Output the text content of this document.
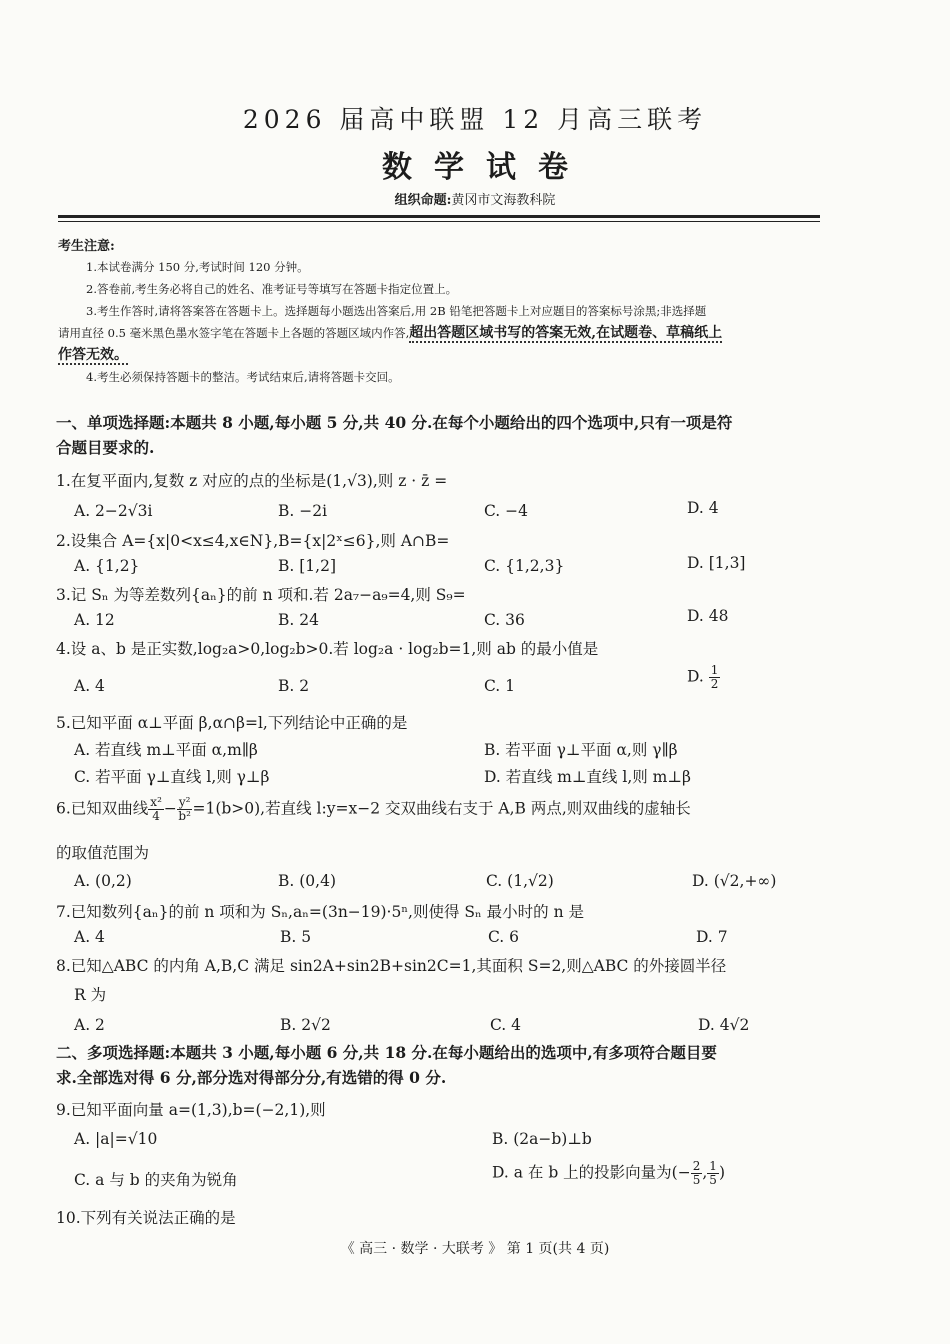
2026 届高中联盟 12 月高三联考
数学试卷
组织命题:黄冈市文海教科院
考生注意:
1.本试卷满分 150 分,考试时间 120 分钟。
2.答卷前,考生务必将自己的姓名、准考证号等填写在答题卡指定位置上。
3.考生作答时,请将答案答在答题卡上。选择题每小题选出答案后,用 2B 铅笔把答题卡上对应题目的答案标号涂黑;非选择题
请用直径 0.5 毫米黑色墨水签字笔在答题卡上各题的答题区域内作答,超出答题区域书写的答案无效,在试题卷、草稿纸上
作答无效。
4.考生必须保持答题卡的整洁。考试结束后,请将答题卡交回。
一、单项选择题:本题共 8 小题,每小题 5 分,共 40 分.在每个小题给出的四个选项中,只有一项是符
合题目要求的.
1.在复平面内,复数 z 对应的点的坐标是(1,√3),则 z · z̄ =
A. 2−2√3i	B. −2i	C. −4	D. 4
2.设集合 A={x|0<x≤4,x∈N},B={x|2ˣ≤6},则 A∩B=
A. {1,2}	B. [1,2]	C. {1,2,3}	D. [1,3]
3.记 Sₙ 为等差数列{aₙ}的前 n 项和.若 2a₇−a₉=4,则 S₉=
A. 12	B. 24	C. 36	D. 48
4.设 a、b 是正实数,log₂a>0,log₂b>0.若 log₂a · log₂b=1,则 ab 的最小值是
A. 4	B. 2	C. 1
D. $\frac{1}{2}$
5.已知平面 α⊥平面 β,α∩β=l,下列结论中正确的是
A. 若直线 m⊥平面 α,m∥β	B. 若平面 γ⊥平面 α,则 γ∥β
C. 若平面 γ⊥直线 l,则 γ⊥β	D. 若直线 m⊥直线 l,则 m⊥β
6.已知双曲线 $\frac{\text{x²}}{4} - \frac{\text{y²}}{\text{b²}} =1(b>0)$,若直线 l:y=x−2 交双曲线右支于 A,B 两点,则双曲线的虚轴长
的取值范围为
A. (0,2)	B. (0,4)	C. (1,√2)	D. (√2,+∞)
7.已知数列{aₙ}的前 n 项和为 Sₙ,aₙ=(3n−19)·5ⁿ,则使得 Sₙ 最小时的 n 是
A. 4	B. 5	C. 6	D. 7
8.已知△ABC 的内角 A,B,C 满足 sin2A+sin2B+sin2C=1,其面积 S=2,则△ABC 的外接圆半径
R 为
A. 2	B. 2√2	C. 4	D. 4√2
二、多项选择题:本题共 3 小题,每小题 6 分,共 18 分.在每小题给出的选项中,有多项符合题目要
求.全部选对得 6 分,部分选对得部分分,有选错的得 0 分.
9.已知平面向量 a=(1,3),b=(−2,1),则
A. |a|=√10	B. (2a−b)⊥b
C. a 与 b 的夹角为锐角	D. a 在 b 上的投影向量为(− $\frac{2}{5}$ , $\frac{1}{5}$ )
10.下列有关说法正确的是
《 高三 · 数学 · 大联考 》 第 1 页(共 4 页)
